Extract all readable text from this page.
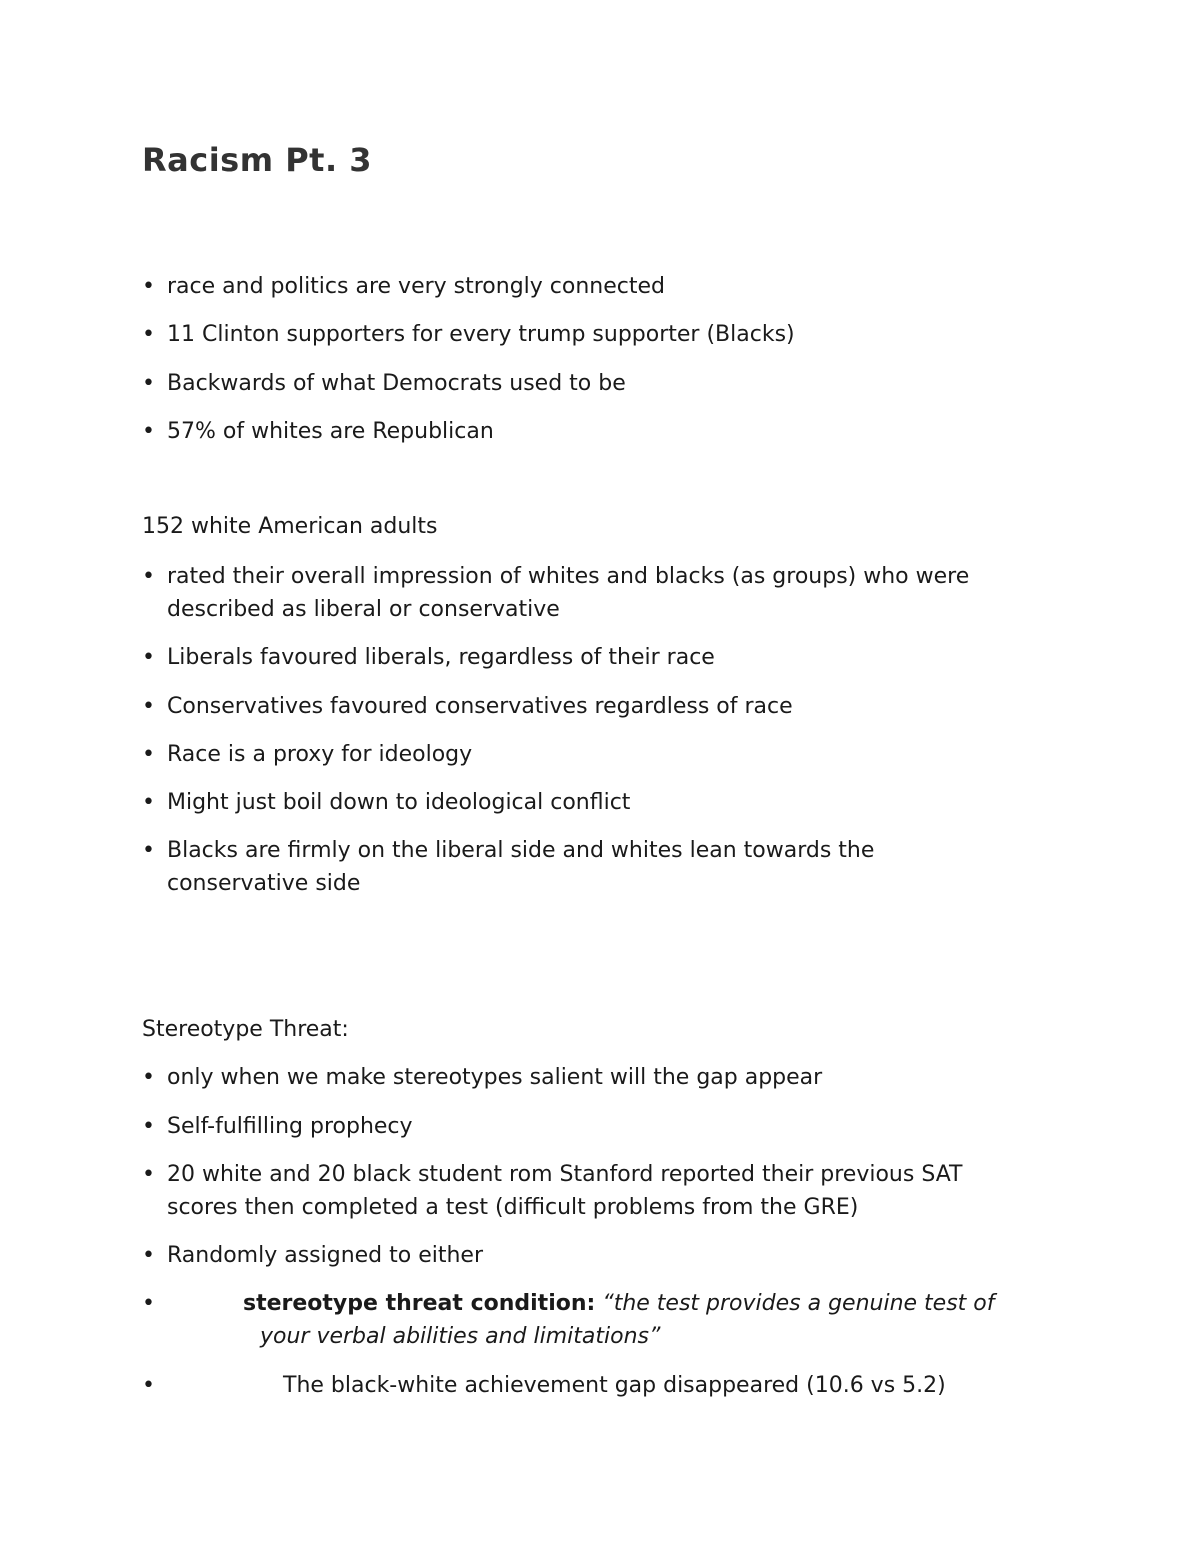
Racism Pt. 3
• race and politics are very strongly connected
• 11 Clinton supporters for every trump supporter (Blacks)
• Backwards of what Democrats used to be
• 57% of whites are Republican

152 white American adults

• rated their overall impression of whites and blacks (as groups) who were
described as liberal or conservative
• Liberals favoured liberals, regardless of their race
• Conservatives favoured conservatives regardless of race
• Race is a proxy for ideology
• Might just boil down to ideological conflict
• Blacks are firmly on the liberal side and whites lean towards the
conservative side

Stereotype Threat:

• only when we make stereotypes salient will the gap appear
• Self-fulfilling prophecy
• 20 white and 20 black student rom Stanford reported their previous SAT
scores then completed a test (difficult problems from the GRE)
• Randomly assigned to either
•	stereotype threat condition: “the test provides a genuine test of
your verbal abilities and limitations”
•	The black-white achievement gap disappeared (10.6 vs 5.2)
